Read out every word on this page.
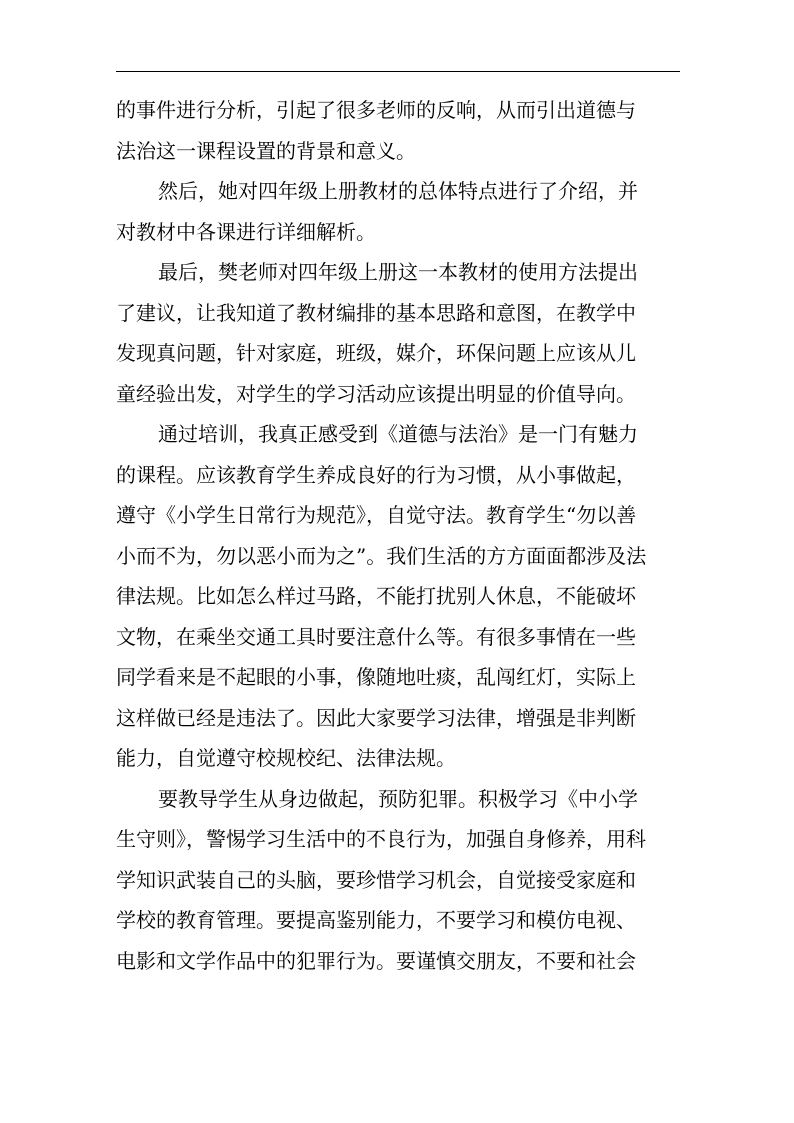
的事件进行分析，引起了很多老师的反响，从而引出道德与
法治这一课程设置的背景和意义。

然后，她对四年级上册教材的总体特点进行了介绍，并
对教材中各课进行详细解析。

最后，樊老师对四年级上册这一本教材的使用方法提出
了建议，让我知道了教材编排的基本思路和意图，在教学中
发现真问题，针对家庭，班级，媒介，环保问题上应该从儿
童经验出发，对学生的学习活动应该提出明显的价值导向。

通过培训，我真正感受到《道德与法治》是一门有魅力
的课程。应该教育学生养成良好的行为习惯，从小事做起，
遵守《小学生日常行为规范》，自觉守法。教育学生“勿以善
小而不为，勿以恶小而为之”。我们生活的方方面面都涉及法
律法规。比如怎么样过马路，不能打扰别人休息，不能破坏
文物，在乘坐交通工具时要注意什么等。有很多事情在一些
同学看来是不起眼的小事，像随地吐痰，乱闯红灯，实际上
这样做已经是违法了。因此大家要学习法律，增强是非判断
能力，自觉遵守校规校纪、法律法规。

要教导学生从身边做起，预防犯罪。积极学习《中小学
生守则》，警惕学习生活中的不良行为，加强自身修养，用科
学知识武装自己的头脑，要珍惜学习机会，自觉接受家庭和
学校的教育管理。要提高鉴别能力，不要学习和模仿电视、
电影和文学作品中的犯罪行为。要谨慎交朋友，不要和社会
